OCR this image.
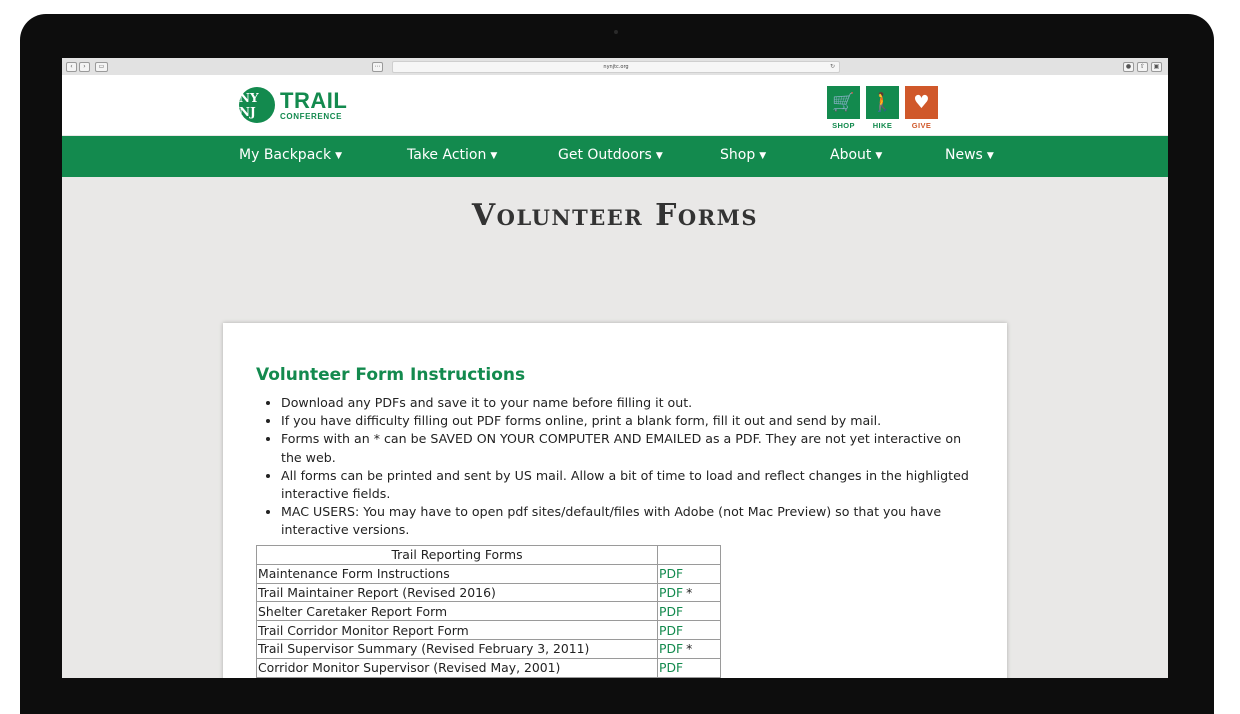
‹	›	▭	⋯	nynjtc.org	↻	●	⇧	▣
NY NJ	TRAIL
CONFERENCE
🛒
SHOP
🚶
HIKE
♥
GIVE
My Backpack ▼	Take Action ▼	Get Outdoors ▼	Shop ▼	About ▼	News ▼
Volunteer Forms
Volunteer Form Instructions
• Download any PDFs and save it to your name before filling it out.
• If you have difficulty filling out PDF forms online, print a blank form, fill it out and send by mail.
• Forms with an * can be SAVED ON YOUR COMPUTER AND EMAILED as a PDF. They are not yet interactive on the web.
• All forms can be printed and sent by US mail. Allow a bit of time to load and reflect changes in the highligted interactive fields.
• MAC USERS: You may have to open pdf sites/default/files with Adobe (not Mac Preview) so that you have interactive versions.
Trail Reporting Forms	
Maintenance Form Instructions	PDF
Trail Maintainer Report (Revised 2016)	PDF *
Shelter Caretaker Report Form	PDF
Trail Corridor Monitor Report Form	PDF
Trail Supervisor Summary (Revised February 3, 2011)	PDF *
Corridor Monitor Supervisor (Revised May, 2001)	PDF
